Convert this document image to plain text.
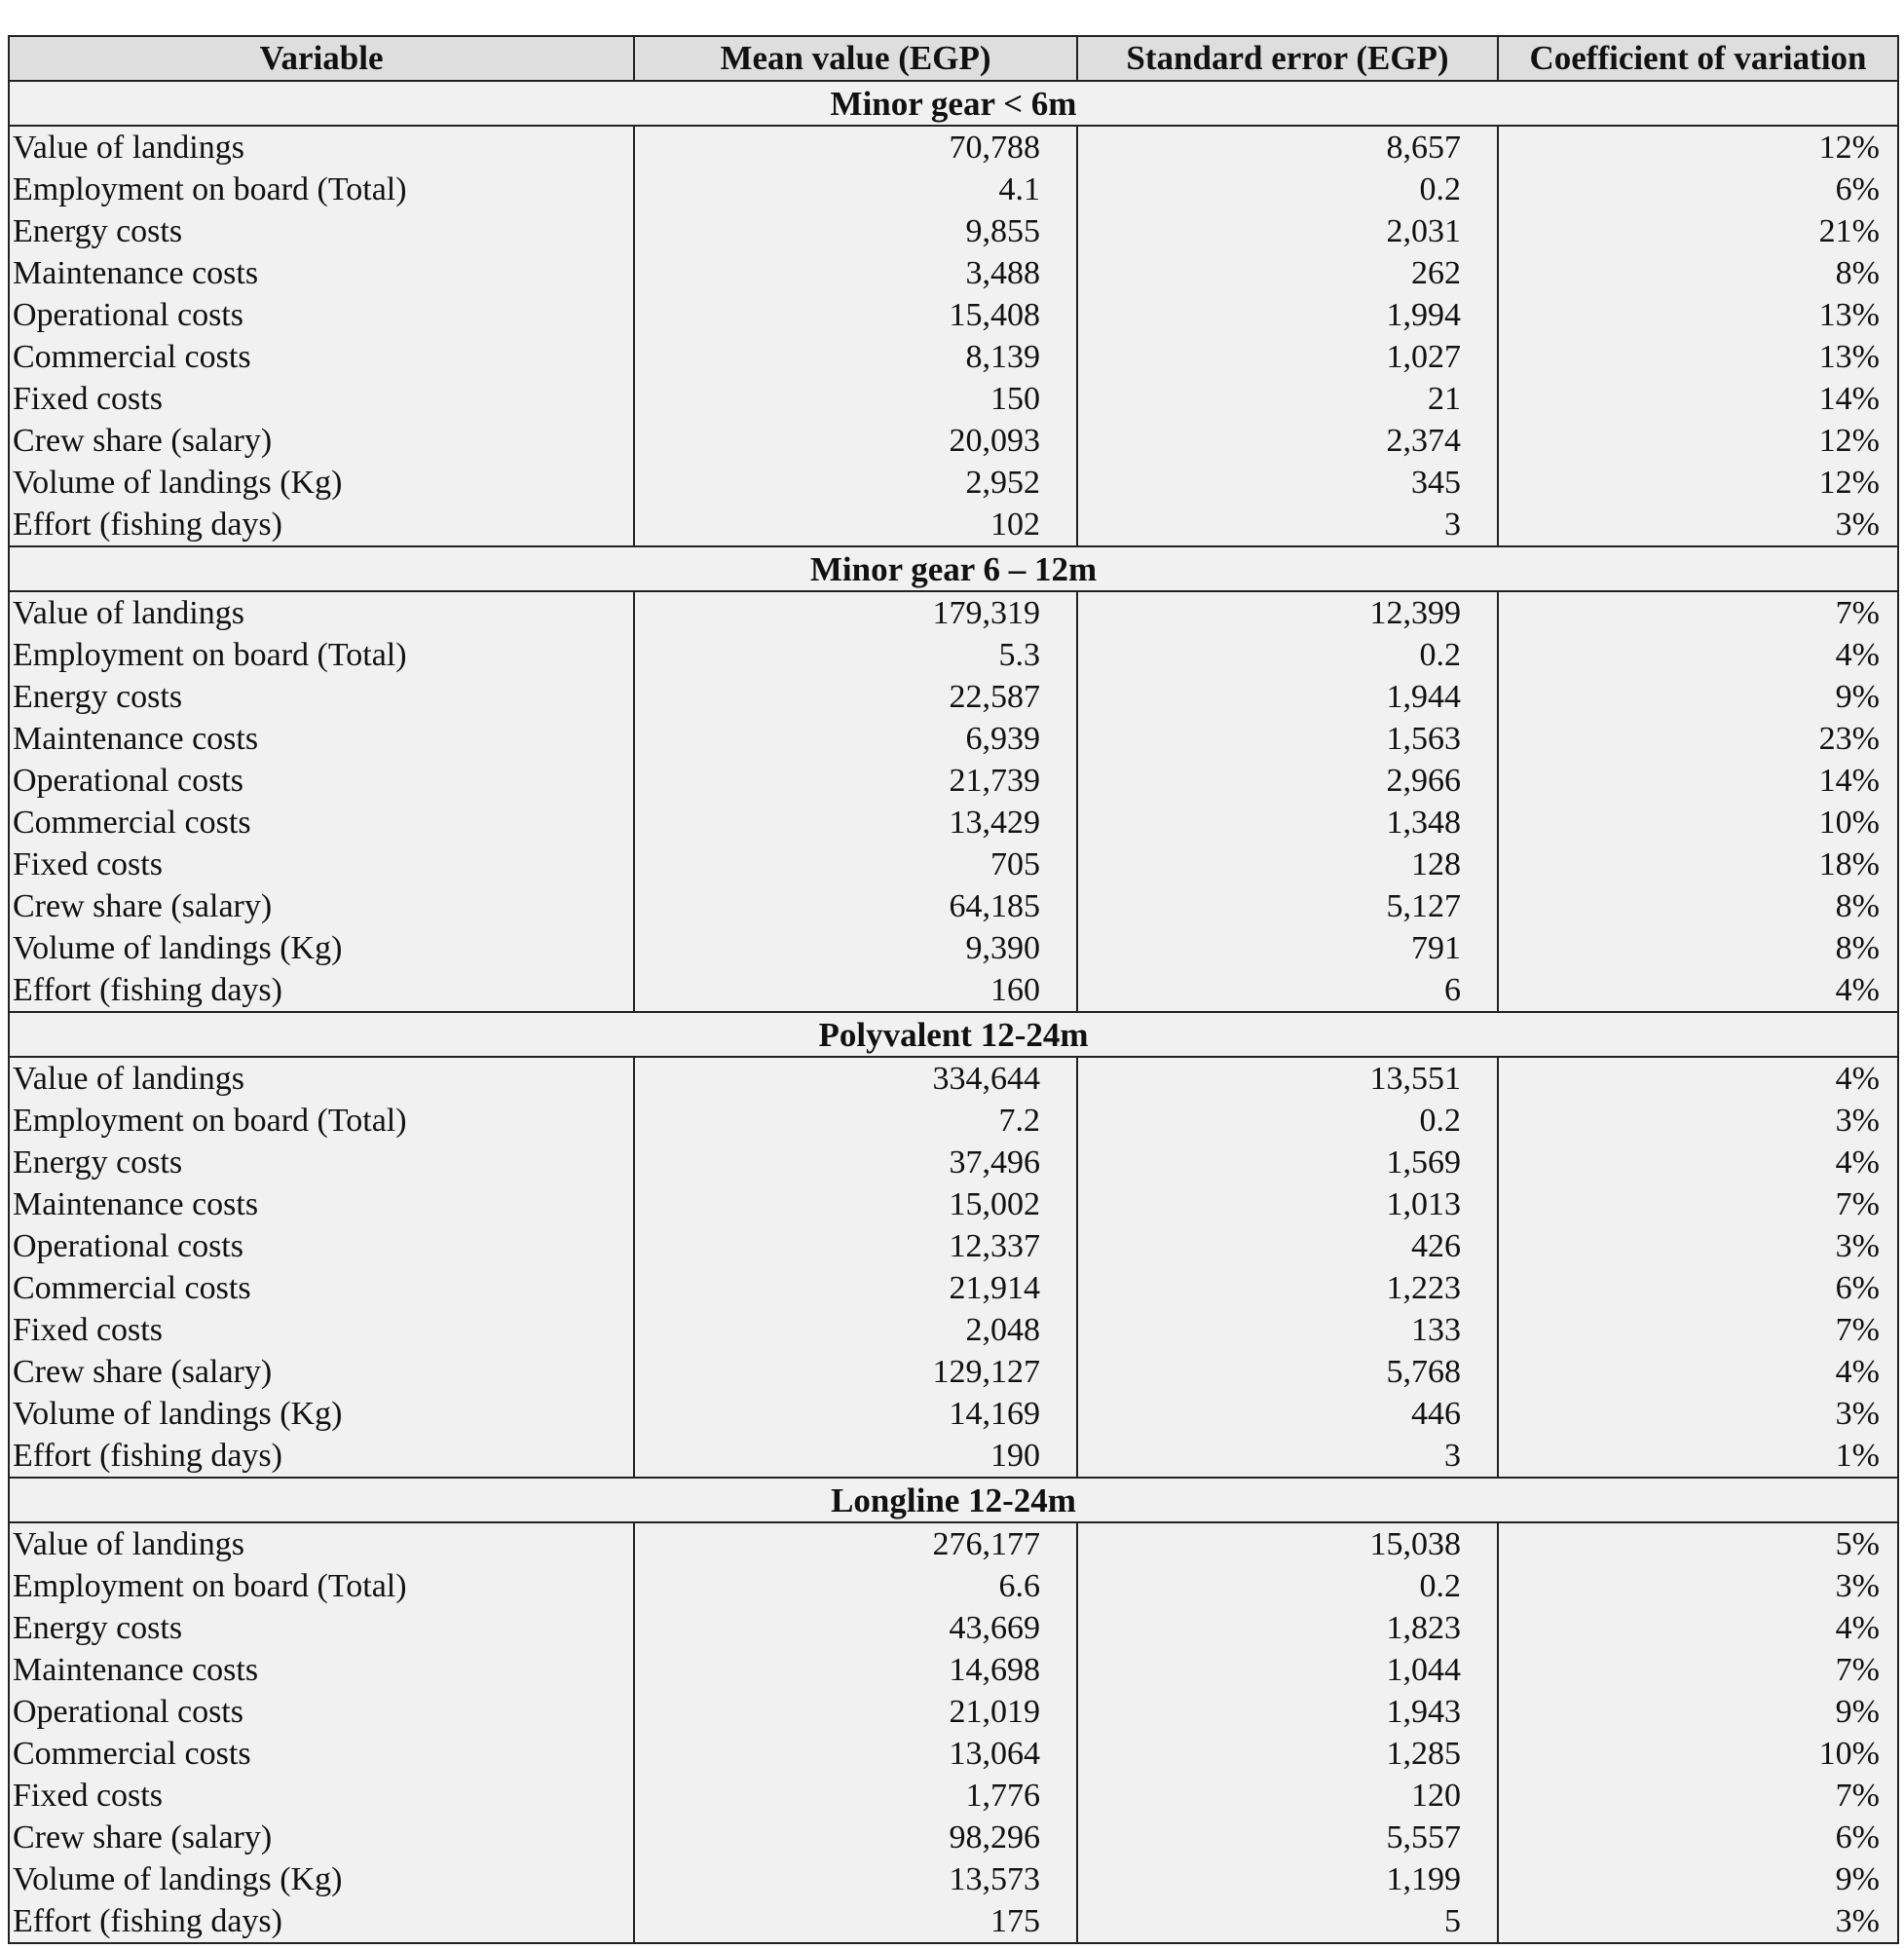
Variable	Mean value (EGP)	Standard error (EGP)	Coefficient of variation
Minor gear < 6m			
Value of landings	70,788	8,657	12%
Employment on board (Total)	4.1	0.2	6%
Energy costs	9,855	2,031	21%
Maintenance costs	3,488	262	8%
Operational costs	15,408	1,994	13%
Commercial costs	8,139	1,027	13%
Fixed costs	150	21	14%
Crew share (salary)	20,093	2,374	12%
Volume of landings (Kg)	2,952	345	12%
Effort (fishing days)	102	3	3%
Minor gear 6 – 12m			
Value of landings	179,319	12,399	7%
Employment on board (Total)	5.3	0.2	4%
Energy costs	22,587	1,944	9%
Maintenance costs	6,939	1,563	23%
Operational costs	21,739	2,966	14%
Commercial costs	13,429	1,348	10%
Fixed costs	705	128	18%
Crew share (salary)	64,185	5,127	8%
Volume of landings (Kg)	9,390	791	8%
Effort (fishing days)	160	6	4%
Polyvalent 12-24m			
Value of landings	334,644	13,551	4%
Employment on board (Total)	7.2	0.2	3%
Energy costs	37,496	1,569	4%
Maintenance costs	15,002	1,013	7%
Operational costs	12,337	426	3%
Commercial costs	21,914	1,223	6%
Fixed costs	2,048	133	7%
Crew share (salary)	129,127	5,768	4%
Volume of landings (Kg)	14,169	446	3%
Effort (fishing days)	190	3	1%
Longline 12-24m			
Value of landings	276,177	15,038	5%
Employment on board (Total)	6.6	0.2	3%
Energy costs	43,669	1,823	4%
Maintenance costs	14,698	1,044	7%
Operational costs	21,019	1,943	9%
Commercial costs	13,064	1,285	10%
Fixed costs	1,776	120	7%
Crew share (salary)	98,296	5,557	6%
Volume of landings (Kg)	13,573	1,199	9%
Effort (fishing days)	175	5	3%
